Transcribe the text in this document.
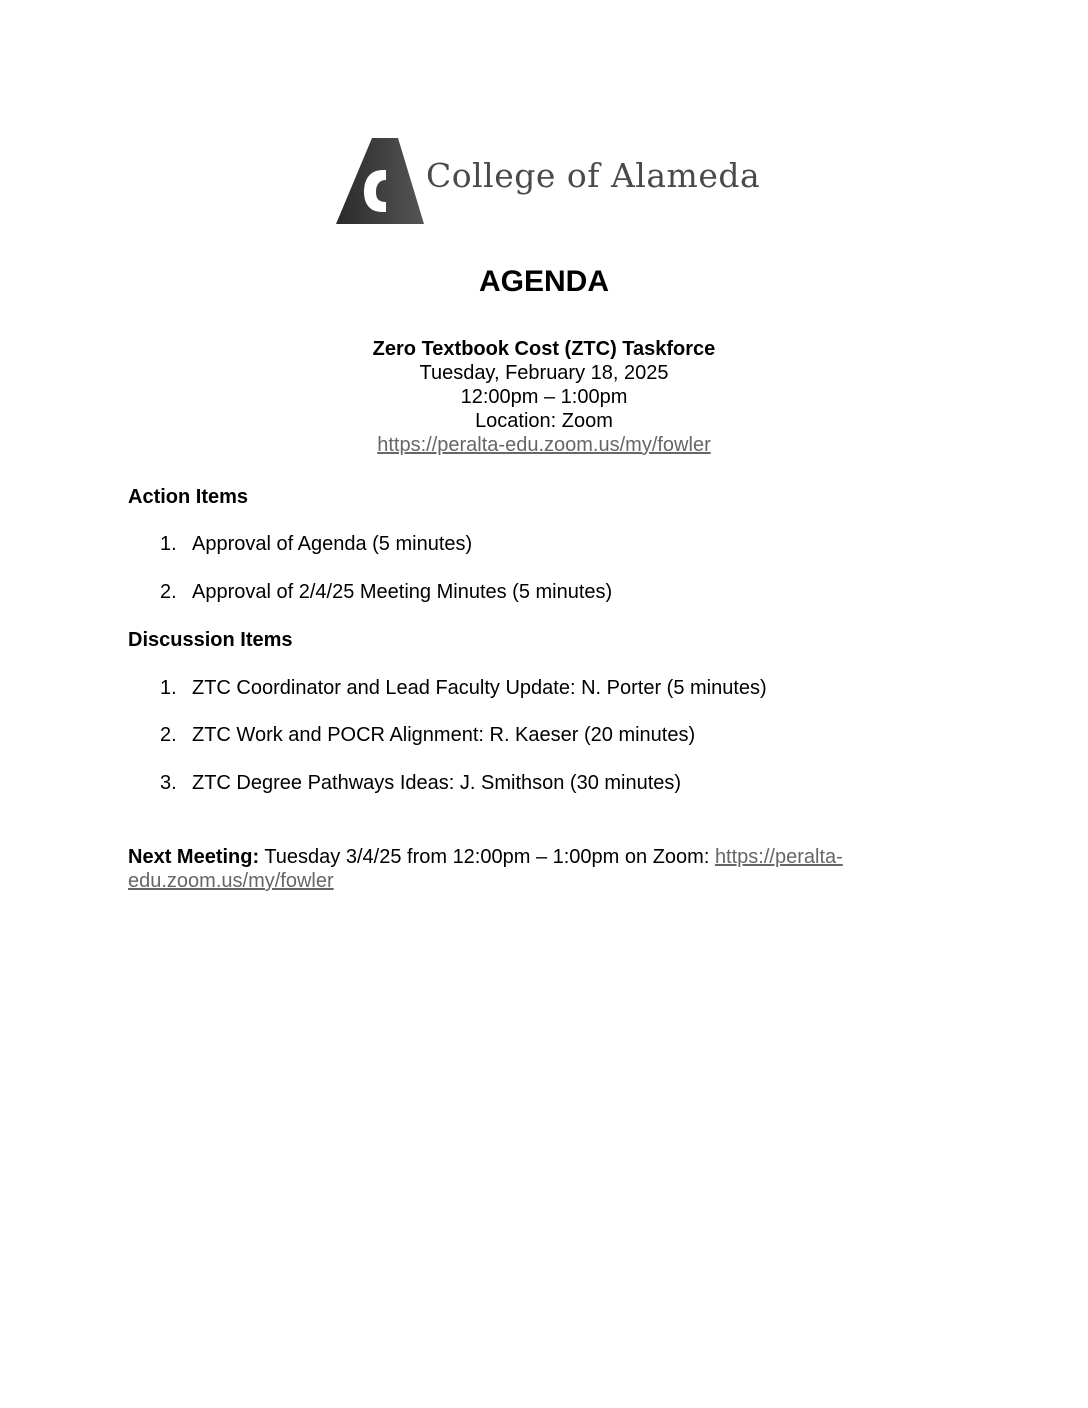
College of Alameda
AGENDA
Zero Textbook Cost (ZTC) Taskforce
Tuesday, February 18, 2025
12:00pm – 1:00pm
Location: Zoom
https://peralta-edu.zoom.us/my/fowler
Action Items
1. Approval of Agenda (5 minutes)
2. Approval of 2/4/25 Meeting Minutes (5 minutes)
Discussion Items
1. ZTC Coordinator and Lead Faculty Update: N. Porter (5 minutes)
2. ZTC Work and POCR Alignment: R. Kaeser (20 minutes)
3. ZTC Degree Pathways Ideas: J. Smithson (30 minutes)
Next Meeting: Tuesday 3/4/25 from 12:00pm – 1:00pm on Zoom: https://peralta-
edu.zoom.us/my/fowler
